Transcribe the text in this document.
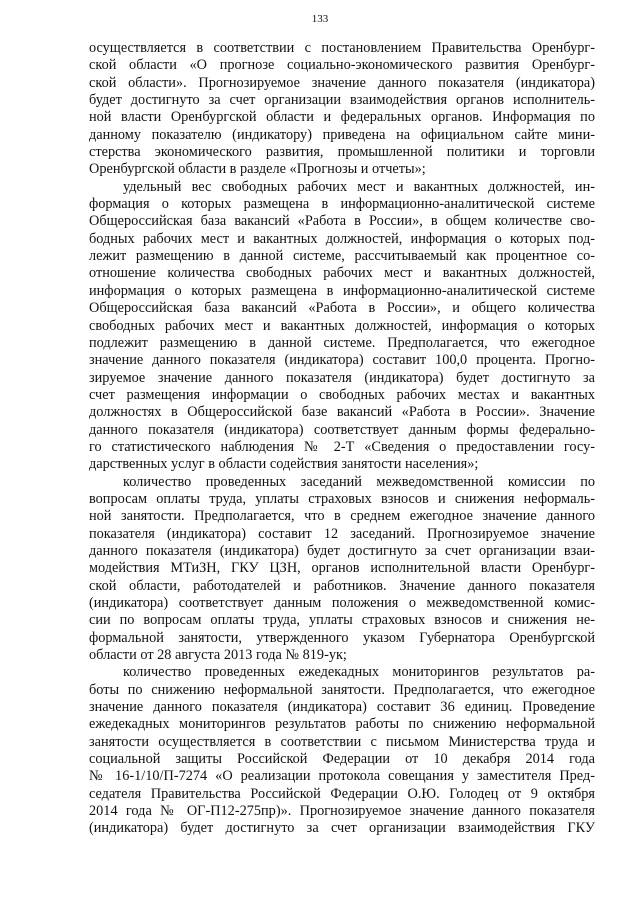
133
осуществляется в соответствии с постановлением Правительства Оренбург-
ской области «О прогнозе социально-экономического развития Оренбург-
ской области». Прогнозируемое значение данного показателя (индикатора)
будет достигнуто за счет организации взаимодействия органов исполнитель-
ной власти Оренбургской области и федеральных органов. Информация по
данному показателю (индикатору) приведена на официальном сайте мини-
стерства экономического развития, промышленной политики и торговли
Оренбургской области в разделе «Прогнозы и отчеты»;
удельный вес свободных рабочих мест и вакантных должностей, ин-
формация о которых размещена в информационно-аналитической системе
Общероссийская база вакансий «Работа в России», в общем количестве сво-
бодных рабочих мест и вакантных должностей, информация о которых под-
лежит размещению в данной системе, рассчитываемый как процентное со-
отношение количества свободных рабочих мест и вакантных должностей,
информация о которых размещена в информационно-аналитической системе
Общероссийская база вакансий «Работа в России», и общего количества
свободных рабочих мест и вакантных должностей, информация о которых
подлежит размещению в данной системе. Предполагается, что ежегодное
значение данного показателя (индикатора) составит 100,0 процента. Прогно-
зируемое значение данного показателя (индикатора) будет достигнуто за
счет размещения информации о свободных рабочих местах и вакантных
должностях в Общероссийской базе вакансий «Работа в России». Значение
данного показателя (индикатора) соответствует данным формы федерально-
го статистического наблюдения № 2-Т «Сведения о предоставлении госу-
дарственных услуг в области содействия занятости населения»;
количество проведенных заседаний межведомственной комиссии по
вопросам оплаты труда, уплаты страховых взносов и снижения неформаль-
ной занятости. Предполагается, что в среднем ежегодное значение данного
показателя (индикатора) составит 12 заседаний. Прогнозируемое значение
данного показателя (индикатора) будет достигнуто за счет организации взаи-
модействия МТиЗН, ГКУ ЦЗН, органов исполнительной власти Оренбург-
ской области, работодателей и работников. Значение данного показателя
(индикатора) соответствует данным положения о межведомственной комис-
сии по вопросам оплаты труда, уплаты страховых взносов и снижения не-
формальной занятости, утвержденного указом Губернатора Оренбургской
области от 28 августа 2013 года № 819-ук;
количество проведенных ежедекадных мониторингов результатов ра-
боты по снижению неформальной занятости. Предполагается, что ежегодное
значение данного показателя (индикатора) составит 36 единиц. Проведение
ежедекадных мониторингов результатов работы по снижению неформальной
занятости осуществляется в соответствии с письмом Министерства труда и
социальной защиты Российской Федерации от 10 декабря 2014 года
№ 16-1/10/П-7274 «О реализации протокола совещания у заместителя Пред-
седателя Правительства Российской Федерации О.Ю. Голодец от 9 октября
2014 года № ОГ-П12-275пр)». Прогнозируемое значение данного показателя
(индикатора) будет достигнуто за счет организации взаимодействия ГКУ
